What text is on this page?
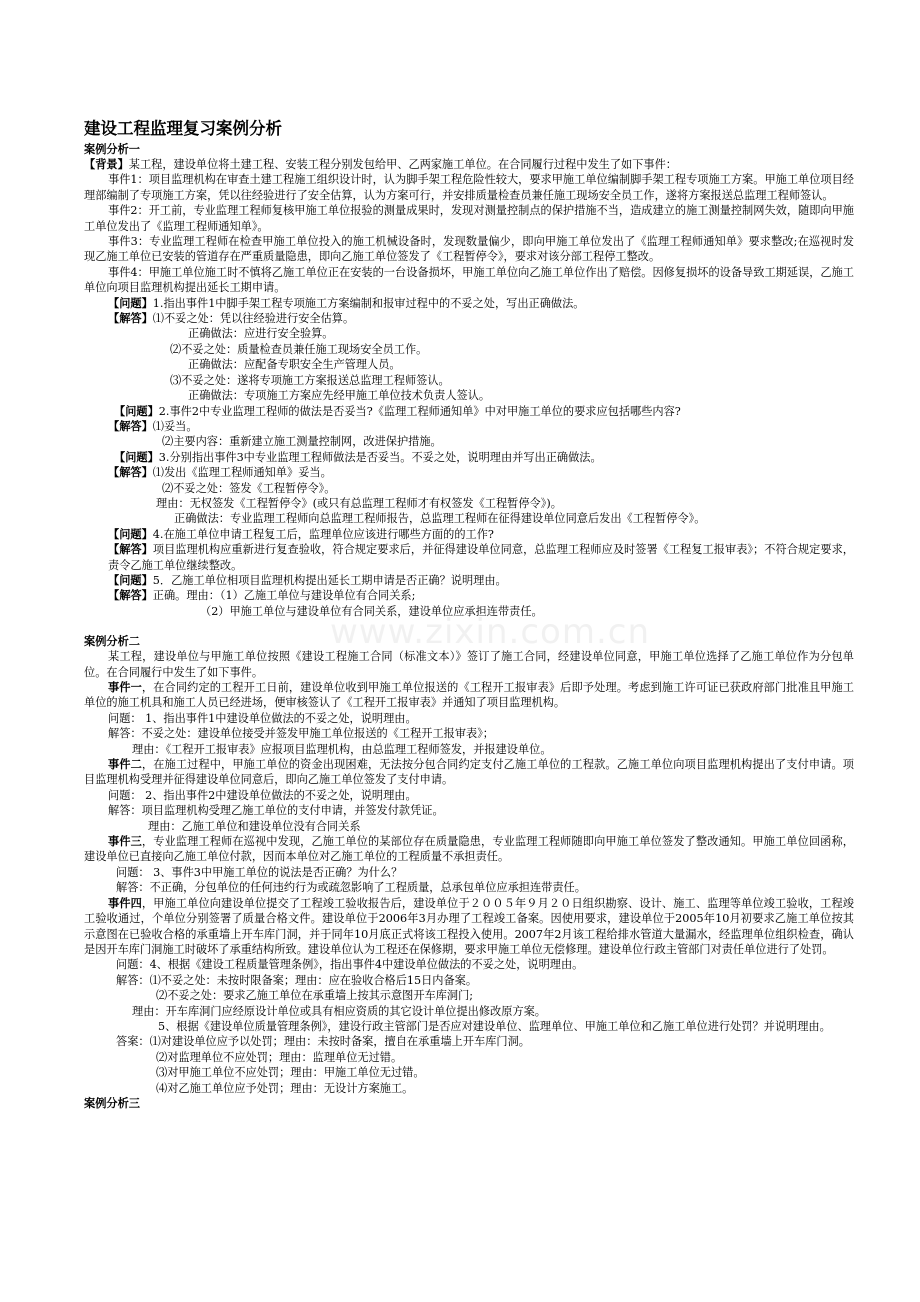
www.zixin.com.cn
建设工程监理复习案例分析
案例分析一

【背景】某工程，建设单位将土建工程、安装工程分别发包给甲、乙两家施工单位。在合同履行过程中发生了如下事件：

事件1：项目监理机构在审查土建工程施工组织设计时，认为脚手架工程危险性较大，要求甲施工单位编制脚手架工程专项施工方案。甲施工单位项目经理部编制了专项施工方案，凭以往经验进行了安全估算，认为方案可行，并安排质量检查员兼任施工现场安全员工作，遂将方案报送总监理工程师签认。

事件2：开工前，专业监理工程师复核甲施工单位报验的测量成果时，发现对测量控制点的保护措施不当，造成建立的施工测量控制网失效，随即向甲施工单位发出了《监理工程师通知单》。

事件3：专业监理工程师在检查甲施工单位投入的施工机械设备时，发现数量偏少，即向甲施工单位发出了《监理工程师通知单》要求整改;在巡视时发现乙施工单位已安装的管道存在严重质量隐患，即向乙施工单位签发了《工程暂停令》，要求对该分部工程停工整改。

事件4：甲施工单位施工时不慎将乙施工单位正在安装的一台设备损坏，甲施工单位向乙施工单位作出了赔偿。因修复损坏的设备导致工期延误，乙施工单位向项目监理机构提出延长工期申请。

【问题】1.指出事件1中脚手架工程专项施工方案编制和报审过程中的不妥之处，写出正确做法。

【解答】⑴不妥之处：凭以往经验进行安全估算。

正确做法：应进行安全验算。

⑵不妥之处：质量检查员兼任施工现场安全员工作。

正确做法：应配备专职安全生产管理人员。

⑶不妥之处：遂将专项施工方案报送总监理工程师签认。

正确做法：专项施工方案应先经甲施工单位技术负责人签认。

【问题】2.事件2中专业监理工程师的做法是否妥当?《监理工程师通知单》中对甲施工单位的要求应包括哪些内容?

【解答】⑴妥当。

⑵主要内容：重新建立施工测量控制网，改进保护措施。

【问题】3.分别指出事件3中专业监理工程师做法是否妥当。不妥之处，说明理由并写出正确做法。

【解答】⑴发出《监理工程师通知单》妥当。

⑵不妥之处：签发《工程暂停令》。

理由：无权签发《工程暂停令》(或只有总监理工程师才有权签发《工程暂停令》)。

正确做法：专业监理工程师向总监理工程师报告，总监理工程师在征得建设单位同意后发出《工程暂停令》。

【问题】4.在施工单位申请工程复工后，监理单位应该进行哪些方面的的工作?

【解答】项目监理机构应重新进行复查验收，符合规定要求后，并征得建设单位同意，总监理工程师应及时签署《工程复工报审表》；不符合规定要求，责令乙施工单位继续整改。

【问题】5．乙施工单位相项目监理机构提出延长工期申请是否正确？说明理由。

【解答】正确。理由：（1）乙施工单位与建设单位有合同关系;

（2）甲施工单位与建设单位有合同关系，建设单位应承担连带责任。

案例分析二

某工程，建设单位与甲施工单位按照《建设工程施工合同（标准文本）》签订了施工合同，经建设单位同意，甲施工单位选择了乙施工单位作为分包单位。在合同履行中发生了如下事件。

事件一，在合同约定的工程开工日前，建设单位收到甲施工单位报送的《工程开工报审表》后即予处理。考虑到施工许可证已获政府部门批准且甲施工单位的施工机具和施工人员已经进场，便审核签认了《工程开工报审表》并通知了项目监理机构。

问题： 1、指出事件1中建设单位做法的不妥之处，说明理由。

解答：不妥之处：建设单位接受并签发甲施工单位报送的《工程开工报审表》；

理由：《工程开工报审表》应报项目监理机构，由总监理工程师签发，并报建设单位。

事件二，在施工过程中，甲施工单位的资金出现困难，无法按分包合同约定支付乙施工单位的工程款。乙施工单位向项目监理机构提出了支付申请。项目监理机构受理并征得建设单位同意后，即向乙施工单位签发了支付申请。

问题： 2、指出事件2中建设单位做法的不妥之处，说明理由。

解答：项目监理机构受理乙施工单位的支付申请，并签发付款凭证。

理由：乙施工单位和建设单位没有合同关系

事件三，专业监理工程师在巡视中发现，乙施工单位的某部位存在质量隐患，专业监理工程师随即向甲施工单位签发了整改通知。甲施工单位回函称，建设单位已直接向乙施工单位付款，因而本单位对乙施工单位的工程质量不承担责任。

问题： 3、事件3中甲施工单位的说法是否正确？为什么？

解答：不正确，分包单位的任何违约行为或疏忽影响了工程质量，总承包单位应承担连带责任。

事件四，甲施工单位向建设单位提交了工程竣工验收报告后，建设单位于２００５年９月２０日组织勘察、设计、施工、监理等单位竣工验收，工程竣工验收通过，个单位分别签署了质量合格文件。建设单位于2006年3月办理了工程竣工备案。因使用要求，建设单位于2005年10月初要求乙施工单位按其示意图在已验收合格的承重墙上开车库门洞，并于同年10月底正式将该工程投入使用。2007年2月该工程给排水管道大量漏水，经监理单位组织检查，确认是因开车库门洞施工时破坏了承重结构所致。建设单位认为工程还在保修期，要求甲施工单位无偿修理。建设单位行政主管部门对责任单位进行了处罚。

问题：4、根据《建设工程质量管理条例》，指出事件4中建设单位做法的不妥之处，说明理由。

解答：⑴不妥之处：未按时限备案；理由：应在验收合格后15日内备案。

⑵不妥之处：要求乙施工单位在承重墙上按其示意图开车库洞门;

理由：开车库洞门应经原设计单位或具有相应资质的其它设计单位提出修改原方案。

5、根据《建设单位质量管理条例》，建设行政主管部门是否应对建设单位、监理单位、甲施工单位和乙施工单位进行处罚？并说明理由。

答案：⑴对建设单位应予以处罚；理由：未按时备案，擅自在承重墙上开车库门洞。

⑵对监理单位不应处罚；理由：监理单位无过错。

⑶对甲施工单位不应处罚；理由：甲施工单位无过错。

⑷对乙施工单位应予处罚；理由：无设计方案施工。

案例分析三
